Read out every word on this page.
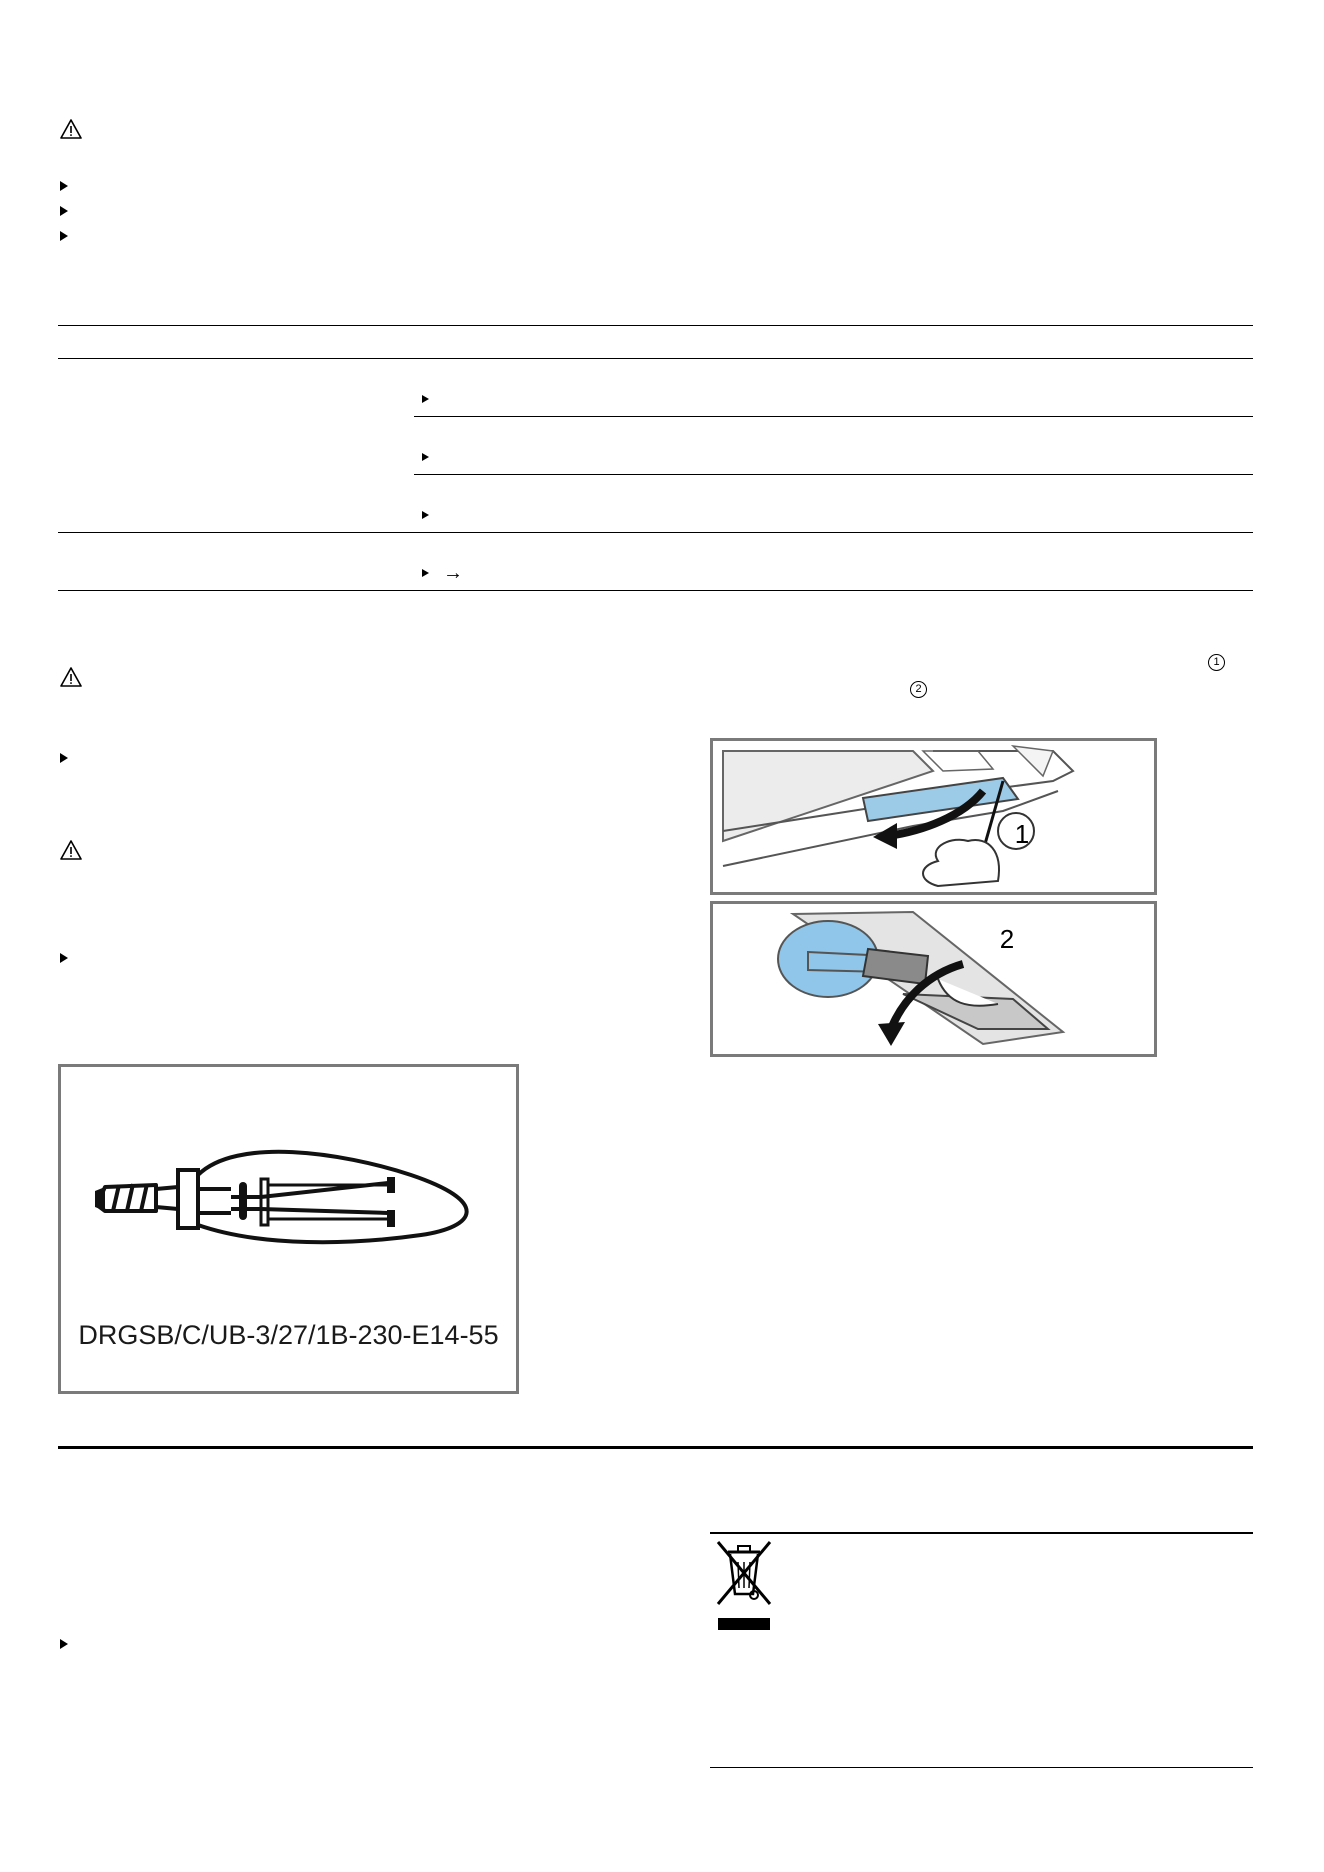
→
DRGSB/C/UB-3/27/1B-230-E14-55
1
2
1
2
